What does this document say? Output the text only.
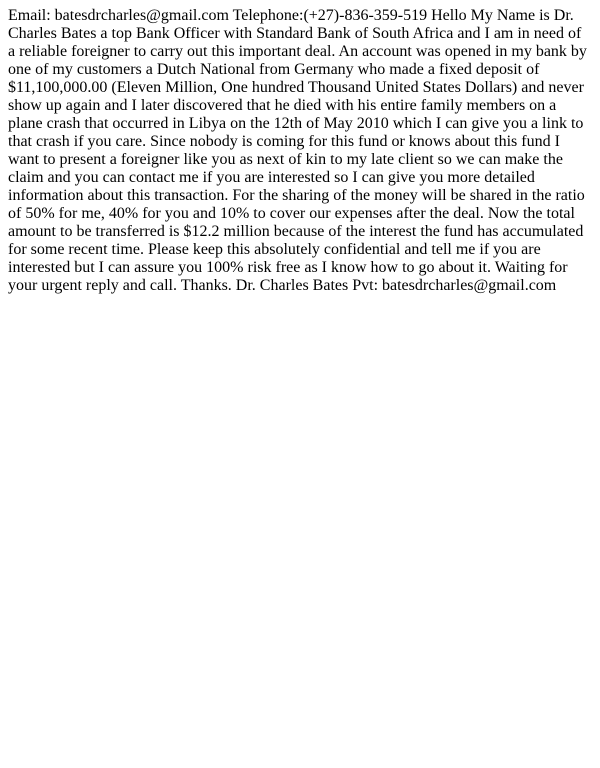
Email: batesdrcharles@gmail.com Telephone:(+27)-836-359-519 Hello My Name is Dr. Charles Bates a top Bank Officer with Standard Bank of South Africa and I am in need of a reliable foreigner to carry out this important deal. An account was opened in my bank by one of my customers a Dutch National from Germany who made a fixed deposit of $11,100,000.00 (Eleven Million, One hundred Thousand United States Dollars) and never show up again and I later discovered that he died with his entire family members on a plane crash that occurred in Libya on the 12th of May 2010 which I can give you a link to that crash if you care. Since nobody is coming for this fund or knows about this fund I want to present a foreigner like you as next of kin to my late client so we can make the claim and you can contact me if you are interested so I can give you more detailed information about this transaction. For the sharing of the money will be shared in the ratio of 50% for me, 40% for you and 10% to cover our expenses after the deal. Now the total amount to be transferred is $12.2 million because of the interest the fund has accumulated for some recent time. Please keep this absolutely confidential and tell me if you are interested but I can assure you 100% risk free as I know how to go about it. Waiting for your urgent reply and call. Thanks. Dr. Charles Bates Pvt: batesdrcharles@gmail.com
